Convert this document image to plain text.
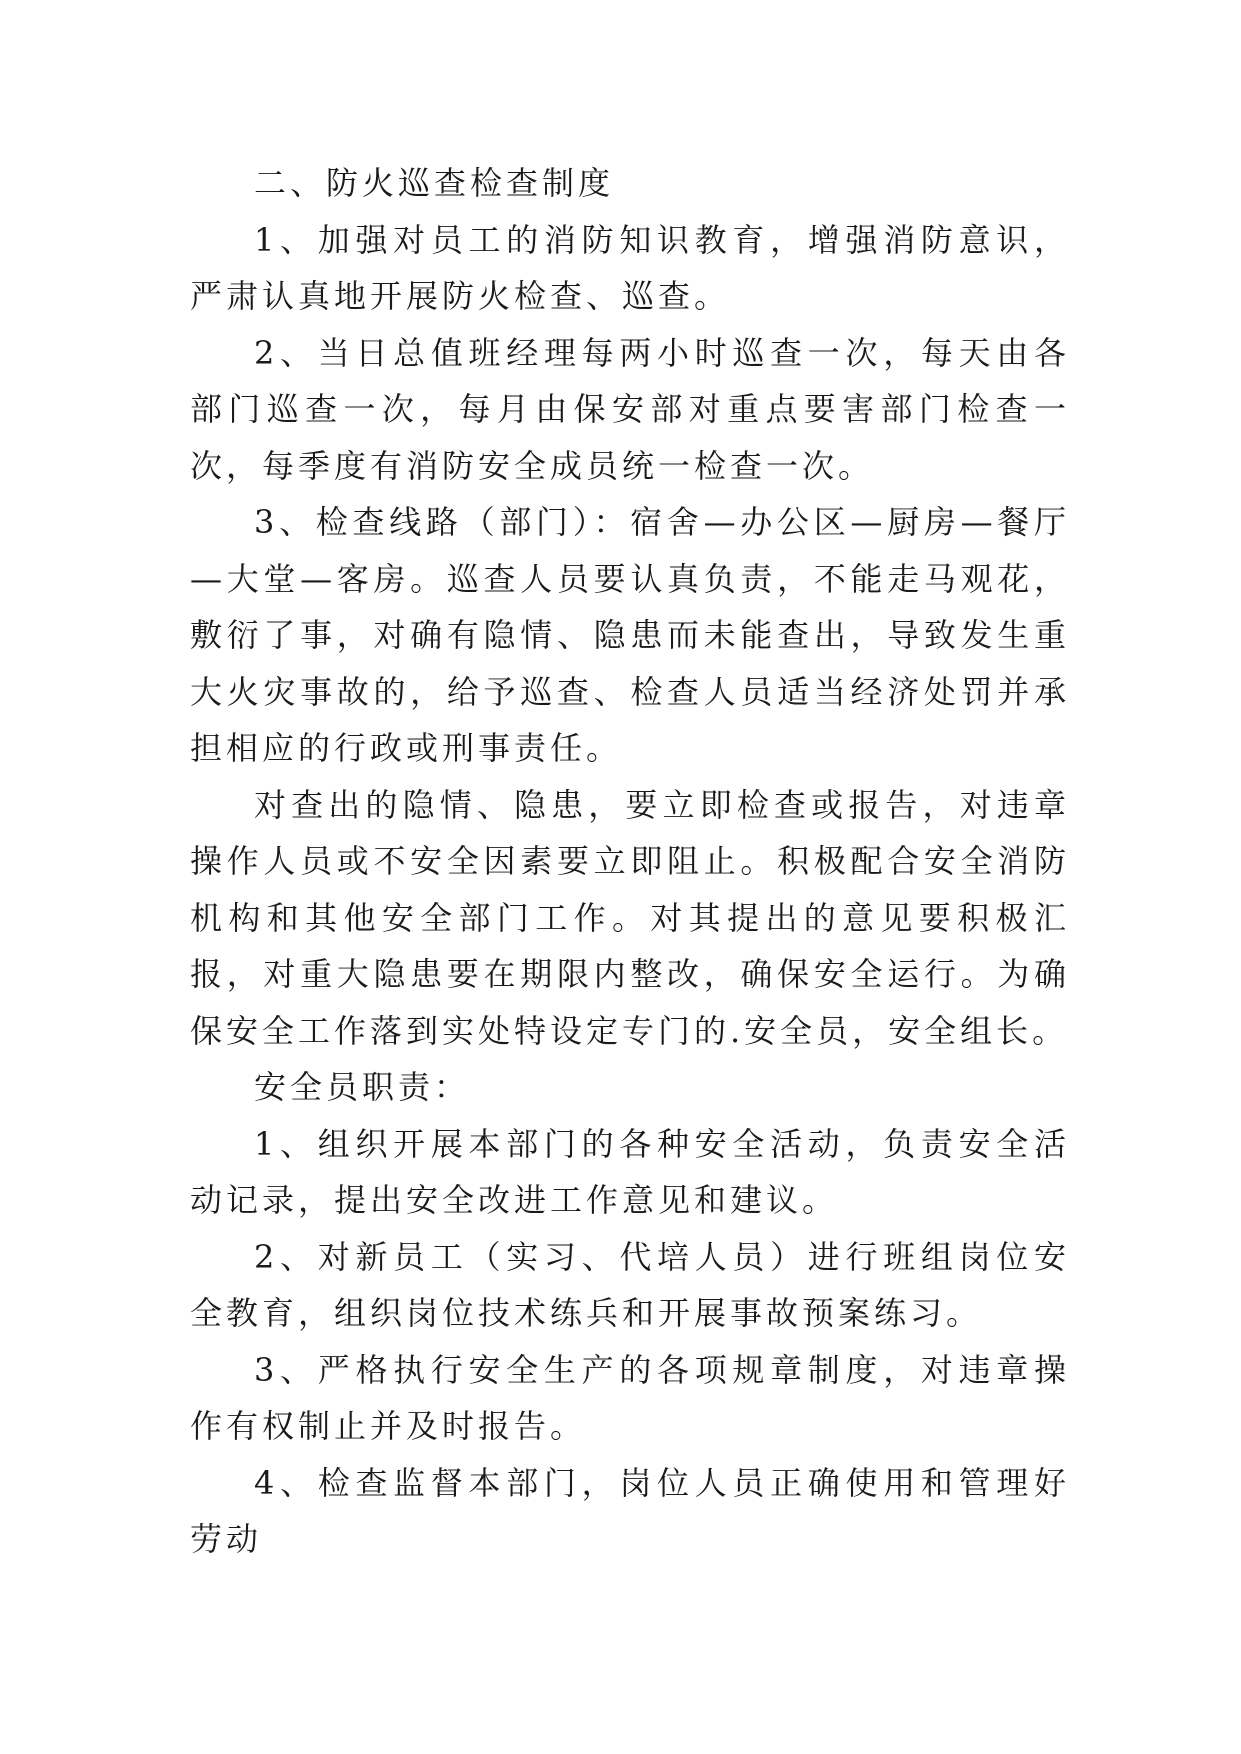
二、防火巡查检查制度

1、加强对员工的消防知识教育，增强消防意识，严肃认真地开展防火检查、巡查。

2、当日总值班经理每两小时巡查一次，每天由各部门巡查一次，每月由保安部对重点要害部门检查一次，每季度有消防安全成员统一检查一次。

3、检查线路（部门）：宿舍—办公区—厨房—餐厅—大堂—客房。巡查人员要认真负责，不能走马观花，敷衍了事，对确有隐情、隐患而未能查出，导致发生重大火灾事故的，给予巡查、检查人员适当经济处罚并承担相应的行政或刑事责任。

对查出的隐情、隐患，要立即检查或报告，对违章操作人员或不安全因素要立即阻止。积极配合安全消防机构和其他安全部门工作。对其提出的意见要积极汇报，对重大隐患要在期限内整改，确保安全运行。为确保安全工作落到实处特设定专门的.安全员，安全组长。

安全员职责：

1、组织开展本部门的各种安全活动，负责安全活动记录，提出安全改进工作意见和建议。

2、对新员工（实习、代培人员）进行班组岗位安全教育，组织岗位技术练兵和开展事故预案练习。

3、严格执行安全生产的各项规章制度，对违章操作有权制止并及时报告。

4、检查监督本部门，岗位人员正确使用和管理好劳动
